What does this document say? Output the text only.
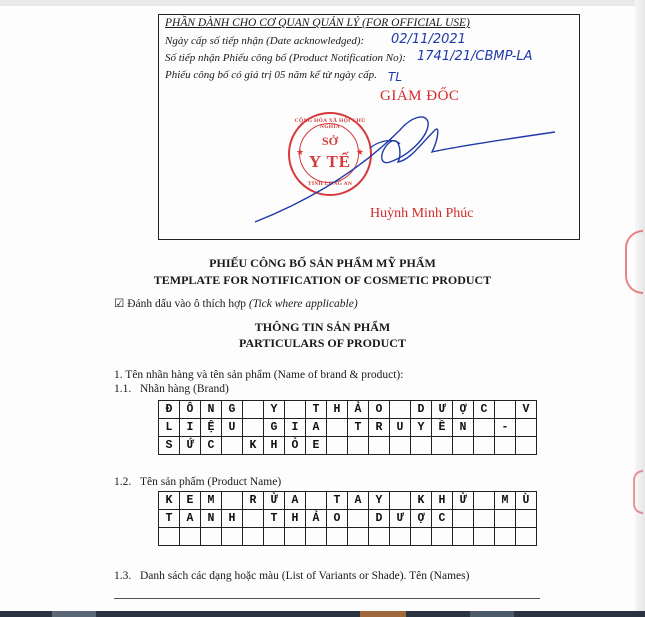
PHẦN DÀNH CHO CƠ QUAN QUẢN LÝ (FOR OFFICIAL USE)
Ngày cấp số tiếp nhận (Date acknowledged): 02/11/2021
Số tiếp nhận Phiếu công bố (Product Notification No): 1741/21/CBMP-LA
Phiếu công bố có giá trị 05 năm kể từ ngày cấp. TL
GIÁM ĐỐC
CỘNG HÒA XÃ HỘI CHỦ NGHĨA
★	★
SỞ
Y TẾ
TỈNH LONG AN
Huỳnh Minh Phúc
PHIẾU CÔNG BỐ SẢN PHẨM MỸ PHẨM
TEMPLATE FOR NOTIFICATION OF COSMETIC PRODUCT
☑ Đánh dấu vào ô thích hợp (Tick where applicable)
THÔNG TIN SẢN PHẨM
PARTICULARS OF PRODUCT
1. Tên nhãn hàng và tên sản phẩm (Name of brand & product):
1.1. Nhãn hàng (Brand)
Đ	Ô	N	G		Y		T	H	Ả	O		D	Ư	Ợ	C		V
L	I	Ệ	U		G	I	A		T	R	U	Y	Ề	N		-	
S	Ứ	C		K	H	Ỏ	E										
1.2. Tên sản phẩm (Product Name)
K	E	M		R	Ử	A		T	A	Y		K	H	Ử		M	Ù
T	A	N	H		T	H	Ả	O		D	Ư	Ợ	C				

1.3. Danh sách các dạng hoặc màu (List of Variants or Shade). Tên (Names)
